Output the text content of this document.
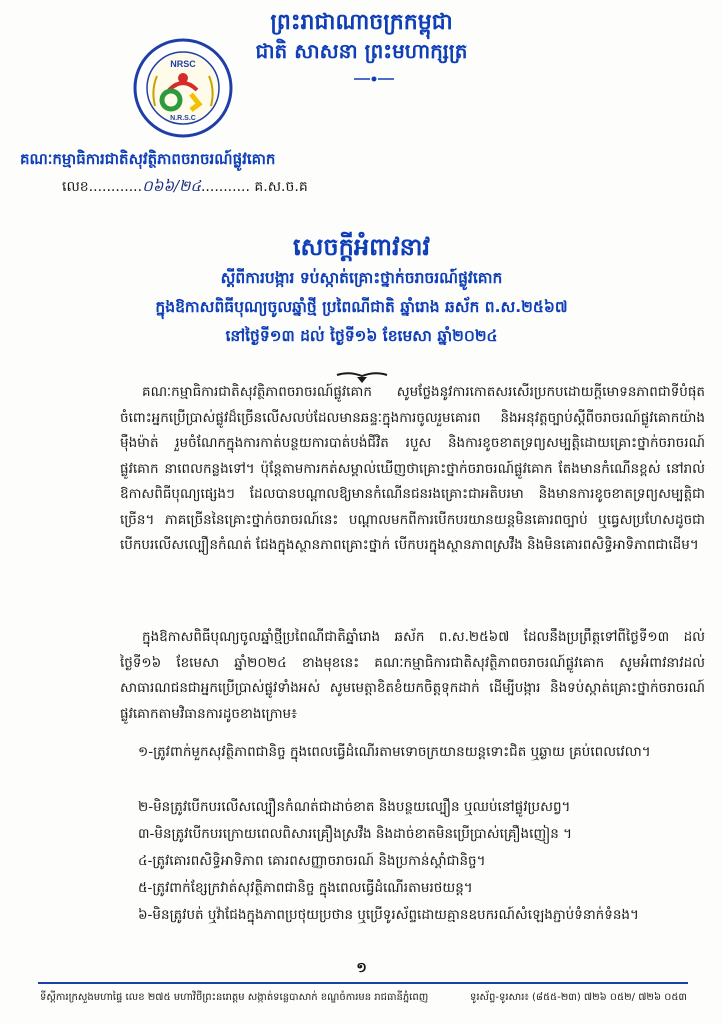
ព្រះរាជាណាចក្រកម្ពុជា
ជាតិ សាសនា ព្រះមហាក្សត្រ
NRSC
N.R.S.C
គណៈកម្មាធិការជាតិសុវត្ថិភាពចរាចរណ៍ផ្លូវគោក
លេខ............០៦៦/២៤........... គ.ស.ច.គ
សេចក្តីអំពាវនាវ
ស្តីពីការបង្ការ ទប់ស្កាត់គ្រោះថ្នាក់ចរាចរណ៍ផ្លូវគោក
ក្នុងឱកាសពិធីបុណ្យចូលឆ្នាំថ្មី ប្រពៃណីជាតិ ឆ្នាំរោង ឆស័ក ព.ស.២៥៦៧
នៅថ្ងៃទី១៣ ដល់ ថ្ងៃទី១៦ ខែមេសា ឆ្នាំ២០២៤
គណៈកម្មាធិការជាតិសុវត្ថិភាពចរាចរណ៍ផ្លូវគោក សូមថ្លែងនូវការកោតសរសើរប្រកបដោយក្តីមោទនភាពជាទីបំផុត ចំពោះអ្នកប្រើប្រាស់ផ្លូវដ៏ច្រើនលើសលប់ដែលមានឆន្ទៈក្នុងការចូលរួមគោរព និងអនុវត្តច្បាប់ស្តីពីចរាចរណ៍ផ្លូវគោកយ៉ាងម៉ឺងម៉ាត់ រួមចំណែកក្នុងការកាត់បន្ថយការបាត់បង់ជីវិត របួស និងការខូចខាតទ្រព្យសម្បត្តិដោយគ្រោះថ្នាក់ចរាចរណ៍ផ្លូវគោក នាពេលកន្លងទៅ។ ប៉ុន្តែតាមការកត់សម្គាល់ឃើញថាគ្រោះថ្នាក់ចរាចរណ៍ផ្លូវគោក តែងមានកំណើនខ្ពស់ នៅរាល់ឱកាសពិធីបុណ្យផ្សេងៗ ដែលបានបណ្តាលឱ្យមានកំណើនជនរងគ្រោះជាអតិបរមា និងមានការខូចខាតទ្រព្យសម្បត្តិជាច្រើន។ ភាគច្រើននៃគ្រោះថ្នាក់ចរាចរណ៍នេះ បណ្តាលមកពីការបើកបរយានយន្តមិនគោរពច្បាប់ ឬធ្វេសប្រហែសដូចជា បើកបរលើសល្បឿនកំណត់ ជែងក្នុងស្ថានភាពគ្រោះថ្នាក់ បើកបរក្នុងស្ថានភាពស្រវឹង និងមិនគោរពសិទ្ធិអាទិភាពជាដើម។
ក្នុងឱកាសពិធីបុណ្យចូលឆ្នាំថ្មីប្រពៃណីជាតិឆ្នាំរោង ឆស័ក ព.ស.២៥៦៧ ដែលនឹងប្រព្រឹត្តទៅពីថ្ងៃទី១៣ ដល់ថ្ងៃទី១៦ ខែមេសា ឆ្នាំ២០២៤ ខាងមុខនេះ គណៈកម្មាធិការជាតិសុវត្ថិភាពចរាចរណ៍ផ្លូវគោក សូមអំពាវនាវដល់សាធារណជនជាអ្នកប្រើប្រាស់ផ្លូវទាំងអស់ សូមមេត្តាខិតខំយកចិត្តទុកដាក់ ដើម្បីបង្ការ និងទប់ស្កាត់គ្រោះថ្នាក់ចរាចរណ៍ផ្លូវគោកតាមវិធានការដូចខាងក្រោម៖
១-ត្រូវពាក់មួកសុវត្ថិភាពជានិច្ច ក្នុងពេលធ្វើដំណើរតាមទោចក្រយានយន្តទោះជិត ឬឆ្ងាយ គ្រប់ពេលវេលា។
២-មិនត្រូវបើកបរលើសល្បឿនកំណត់ជាដាច់ខាត និងបន្ថយល្បឿន ឬឈប់នៅផ្លូវប្រសព្វ។
៣-មិនត្រូវបើកបរក្រោយពេលពិសារគ្រឿងស្រវឹង និងដាច់ខាតមិនប្រើប្រាស់គ្រឿងញៀន ។
៤-ត្រូវគោរពសិទ្ធិអាទិភាព គោរពសញ្ញាចរាចរណ៍ និងប្រកាន់ស្តាំជានិច្ច។
៥-ត្រូវពាក់ខ្សែក្រវាត់សុវត្ថិភាពជានិច្ច ក្នុងពេលធ្វើដំណើរតាមរថយន្ត។
៦-មិនត្រូវបត់ ឬវ៉ាជែងក្នុងភាពប្រថុយប្រថាន ឬប្រើទូរស័ព្ទដោយគ្មានឧបករណ៍សំឡេងភ្ជាប់ទំនាក់ទំនង។
១
ទីស្តីការក្រសួងមហាផ្ទៃ លេខ ២៧៥ មហាវិថីព្រះនរោត្តម សង្កាត់ទន្លេបាសាក់ ខណ្ឌចំការមន រាជធានីភ្នំពេញ	ទូរស័ព្ទ-ទូរសារ៖ (៨៥៥-២៣) ៧២៦ ០៥២/ ៧២៦ ០៥៣
